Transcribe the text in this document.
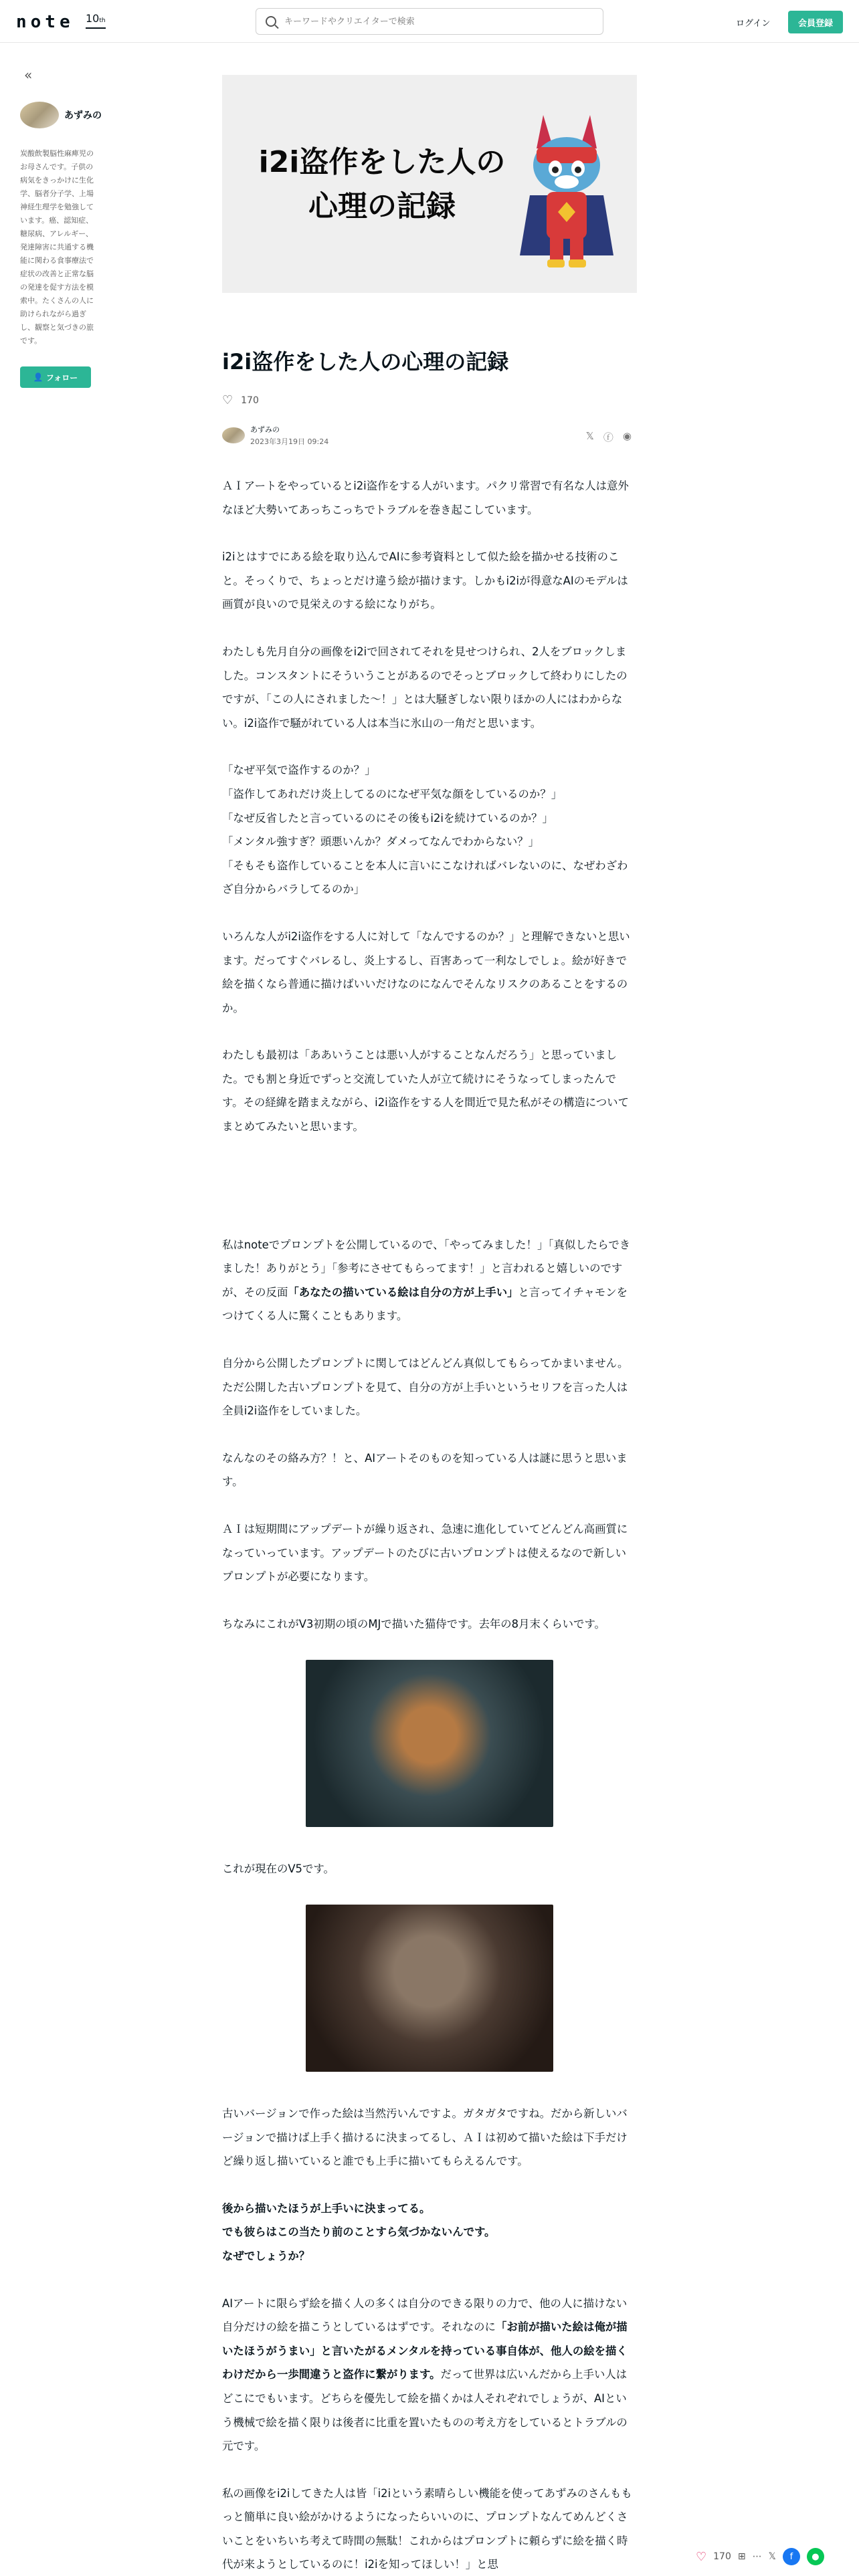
note 10th
キーワードやクリエイターで検索	ログイン	会員登録
«
あずみの
炭酸飲製脳性麻痺児のお母さんです。子供の病気をきっかけに生化学、脳者分子学、上場神経生理学を勉強しています。癌、認知症、糖尿病、アレルギー、発達障害に共通する機能に関わる食事療法で症状の改善と正常な脳の発達を促す方法を模索中。たくさんの人に助けられながら過ぎし、観察と気づきの旅です。
👤 フォロー
i2i盗作をした人の
心理の記録
i2i盗作をした人の心理の記録
♡ 170
あずみの
2023年3月19日 09:24	𝕏 ⓕ ◉

ＡＩアートをやっているとi2i盗作をする人がいます。パクリ常習で有名な人は意外なほど大勢いてあっちこっちでトラブルを巻き起こしています。

i2iとはすでにある絵を取り込んでAIに参考資料として似た絵を描かせる技術のこと。そっくりで、ちょっとだけ違う絵が描けます。しかもi2iが得意なAIのモデルは画質が良いので見栄えのする絵になりがち。

わたしも先月自分の画像をi2iで回されてそれを見せつけられ、2人をブロックしました。コンスタントにそういうことがあるのでそっとブロックして終わりにしたのですが、「この人にされました〜！」とは大騒ぎしない限りほかの人にはわからない。i2i盗作で騒がれている人は本当に氷山の一角だと思います。

「なぜ平気で盗作するのか？」
「盗作してあれだけ炎上してるのになぜ平気な顔をしているのか？」
「なぜ反省したと言っているのにその後もi2iを続けているのか？」
「メンタル強すぎ？頭悪いんか？ダメってなんでわからない？」
「そもそも盗作していることを本人に言いにこなければバレないのに、なぜわざわざ自分からバラしてるのか」

いろんな人がi2i盗作をする人に対して「なんでするのか？」と理解できないと思います。だってすぐバレるし、炎上するし、百害あって一利なしでしょ。絵が好きで絵を描くなら普通に描けばいいだけなのになんでそんなリスクのあることをするのか。

わたしも最初は「ああいうことは悪い人がすることなんだろう」と思っていました。でも割と身近でずっと交流していた人が立て続けにそうなってしまったんです。その経緯を踏まえながら、i2i盗作をする人を間近で見た私がその構造についてまとめてみたいと思います。

私はnoteでプロンプトを公開しているので、「やってみました！」「真似したらできました！ありがとう」「参考にさせてもらってます！」と言われると嬉しいのですが、その反面「あなたの描いている絵は自分の方が上手い」と言ってイチャモンをつけてくる人に驚くこともあります。

自分から公開したプロンプトに関してはどんどん真似してもらってかまいません。ただ公開した古いプロンプトを見て、自分の方が上手いというセリフを言った人は全員i2i盗作をしていました。

なんなのその絡み方？！と、AIアートそのものを知っている人は謎に思うと思います。

ＡＩは短期間にアップデートが繰り返され、急速に進化していてどんどん高画質になっていっています。アップデートのたびに古いプロンプトは使えるなので新しいプロンプトが必要になります。

ちなみにこれがV3初期の頃のMJで描いた猫侍です。去年の8月末くらいです。

これが現在のV5です。

古いバージョンで作った絵は当然汚いんですよ。ガタガタですね。だから新しいバージョンで描けば上手く描けるに決まってるし、ＡＩは初めて描いた絵は下手だけど繰り返し描いていると誰でも上手に描いてもらえるんです。

後から描いたほうが上手いに決まってる。
でも彼らはこの当たり前のことすら気づかないんです。
なぜでしょうか？

AIアートに限らず絵を描く人の多くは自分のできる限りの力で、他の人に描けない自分だけの絵を描こうとしているはずです。それなのに「お前が描いた絵は俺が描いたほうがうまい」と言いたがるメンタルを持っている事自体が、他人の絵を描くわけだから一歩間違うと盗作に繋がります。だって世界は広いんだから上手い人はどこにでもいます。どちらを優先して絵を描くかは人それぞれでしょうが、AIという機械で絵を描く限りは後者に比重を置いたものの考え方をしているとトラブルの元です。

私の画像をi2iしてきた人は皆「i2iという素晴らしい機能を使ってあずみのさんももっと簡単に良い絵がかけるようになったらいいのに、プロンプトなんてめんどくさいことをいちいち考えて時間の無駄！これからはプロンプトに頼らずに絵を描く時代が来ようとしているのに！i2iを知ってほしい！」と思

♡ 170 ⊞ ⋯ 𝕏	f	●
